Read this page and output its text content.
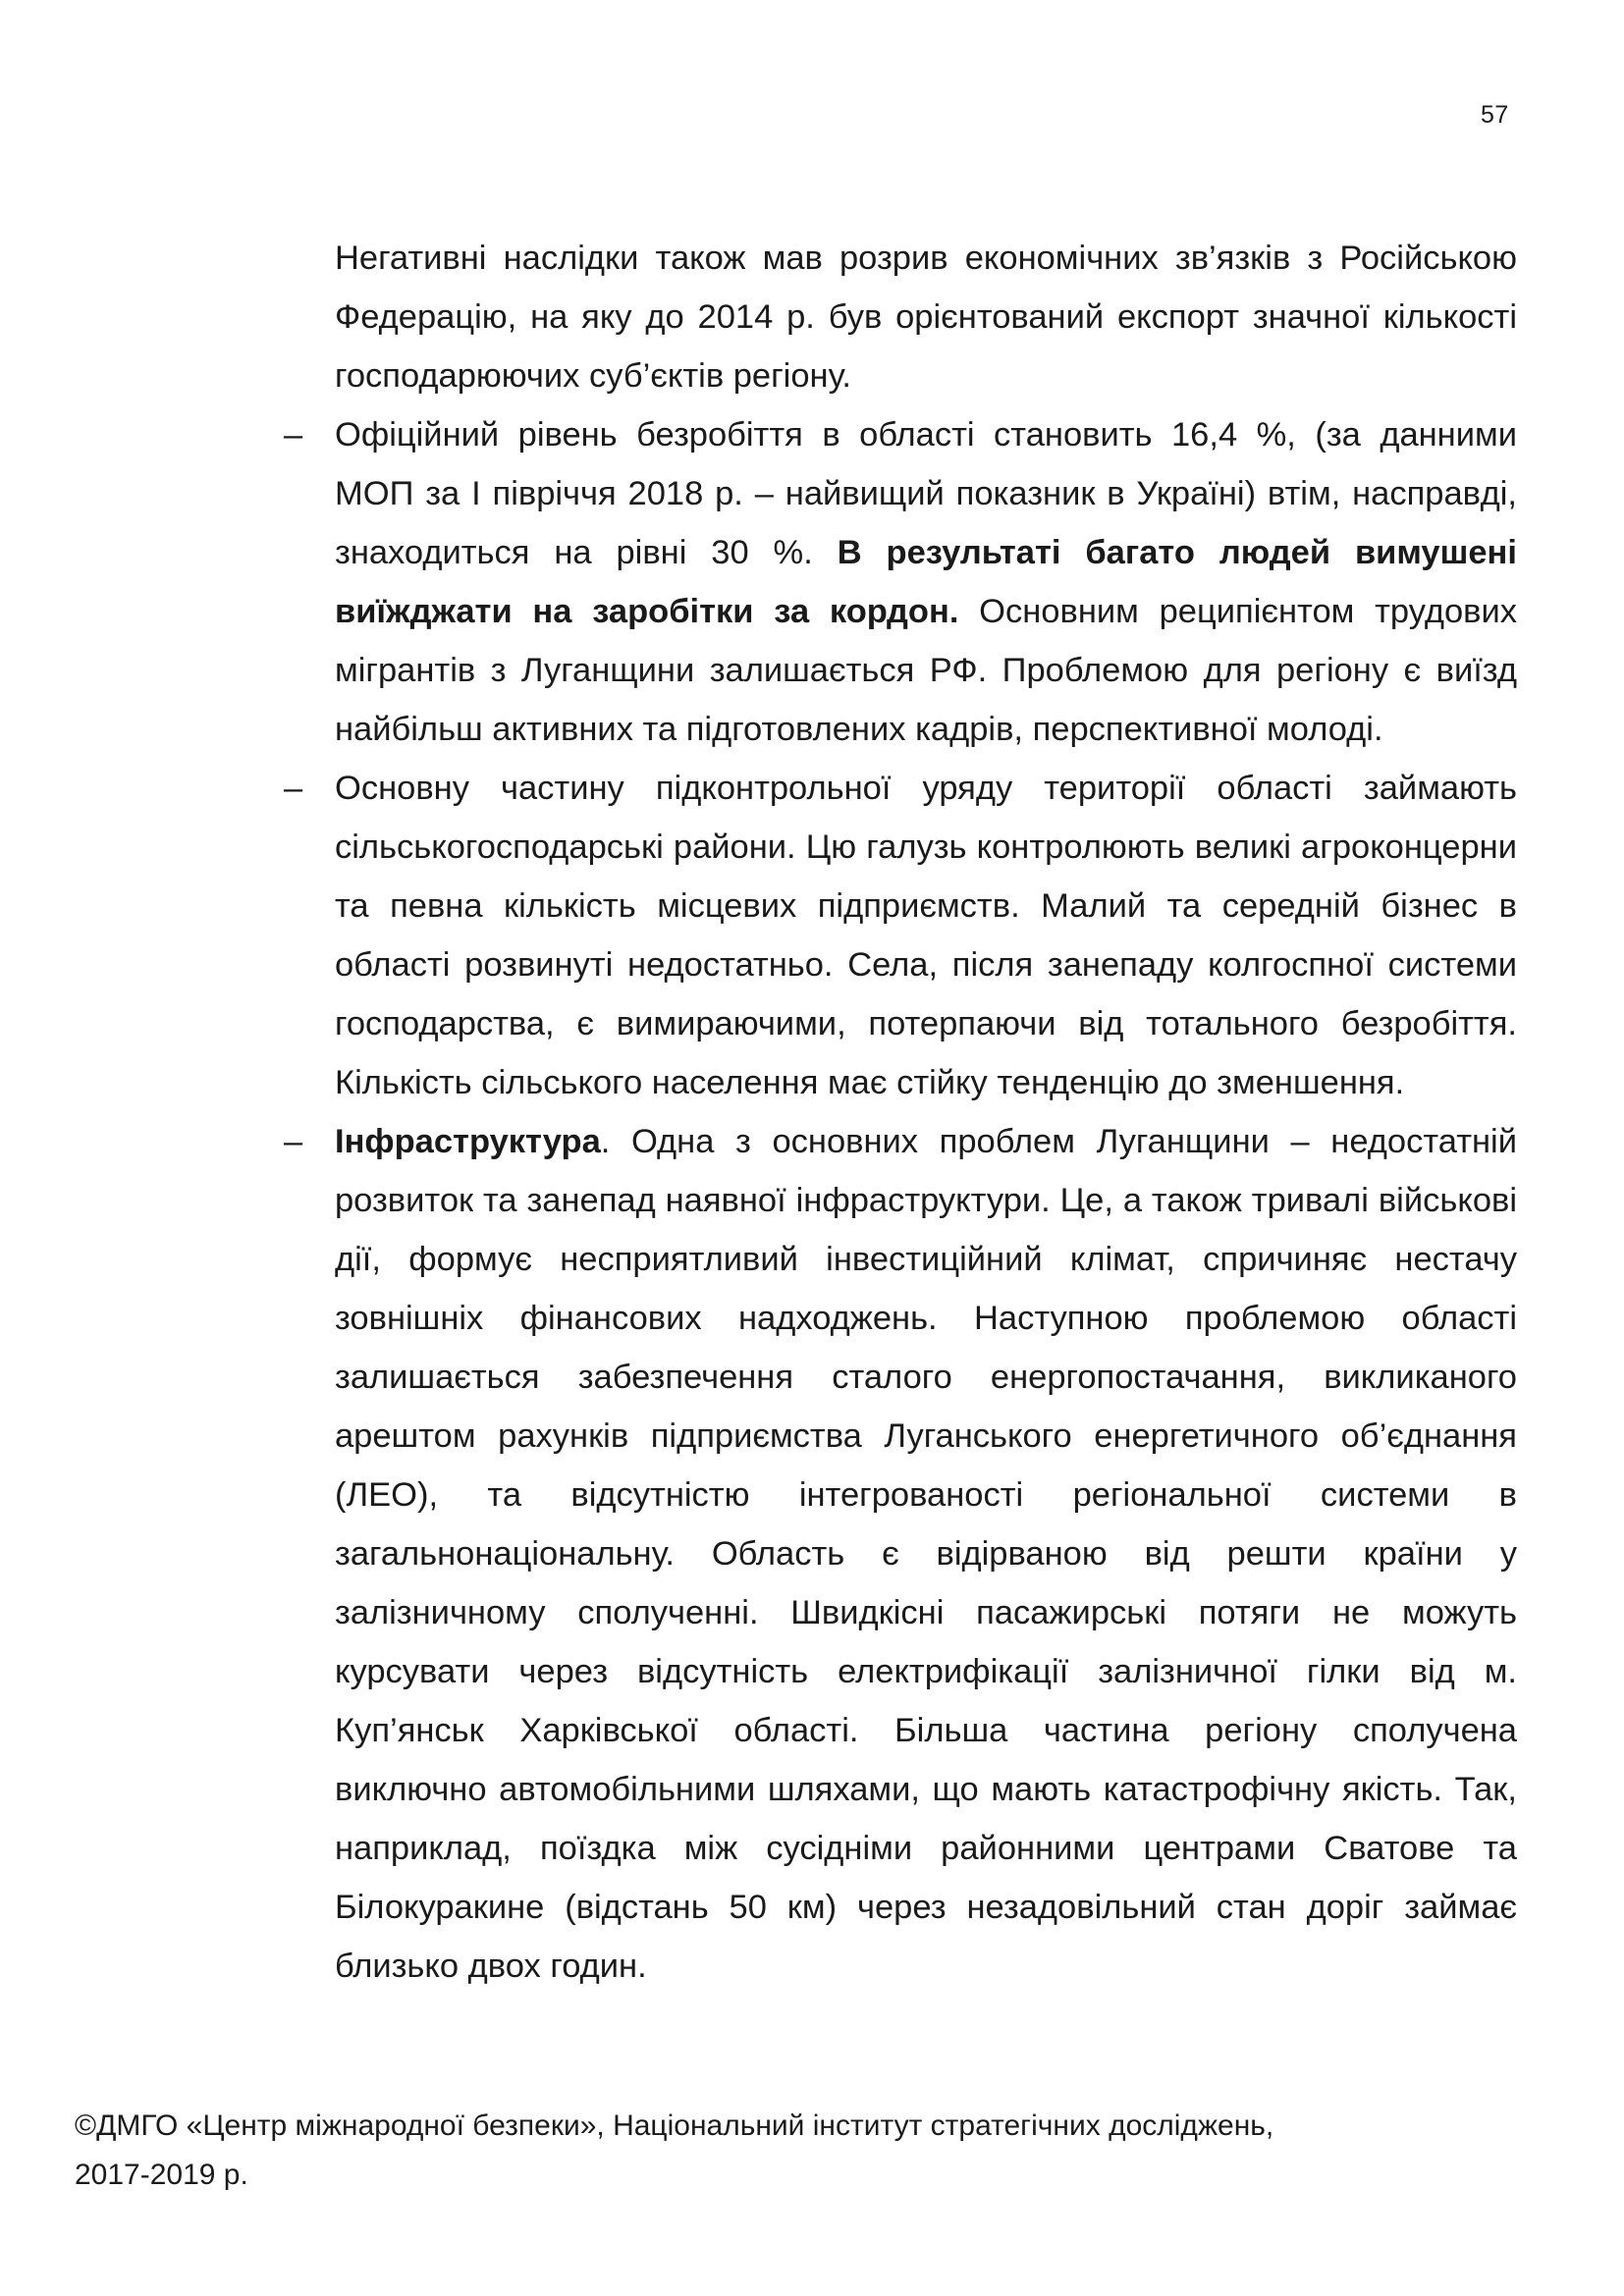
57

Негативні наслідки також мав розрив економічних зв’язків з Російською Федерацію, на яку до 2014 р. був орієнтований експорт значної кількості господарюючих суб’єктів регіону.

– Офіційний рівень безробіття в області становить 16,4 %, (за данними МОП за I півріччя 2018 р. – найвищий показник в Україні) втім, насправді, знаходиться на рівні 30 %. В результаті багато людей вимушені виїжджати на заробітки за кордон. Основним реципієнтом трудових мігрантів з Луганщини залишається РФ. Проблемою для регіону є виїзд найбільш активних та підготовлених кадрів, перспективної молоді.
– Основну частину підконтрольної уряду території області займають сільськогосподарські райони. Цю галузь контролюють великі агроконцерни та певна кількість місцевих підприємств. Малий та середній бізнес в області розвинуті недостатньо. Села, після занепаду колгоспної системи господарства, є вимираючими, потерпаючи від тотального безробіття. Кількість сільського населення має стійку тенденцію до зменшення.
– Інфраструктура. Одна з основних проблем Луганщини – недостатній розвиток та занепад наявної інфраструктури. Це, а також тривалі військові дії, формує несприятливий інвестиційний клімат, спричиняє нестачу зовнішніх фінансових надходжень. Наступною проблемою області залишається забезпечення сталого енергопостачання, викликаного арештом рахунків підприємства Луганського енергетичного об’єднання (ЛЕО), та відсутністю інтегрованості регіональної системи в загальнонаціональну. Область є відірваною від решти країни у залізничному сполученні. Швидкісні пасажирські потяги не можуть курсувати через відсутність електрифікації залізничної гілки від м. Куп’янськ Харківської області. Більша частина регіону сполучена виключно автомобільними шляхами, що мають катастрофічну якість. Так, наприклад, поїздка між сусідніми районними центрами Сватове та Білокуракине (відстань 50 км) через незадовільний стан доріг займає близько двох годин.
©ДМГО «Центр міжнародної безпеки», Національний інститут стратегічних досліджень,
2017-2019 р.
